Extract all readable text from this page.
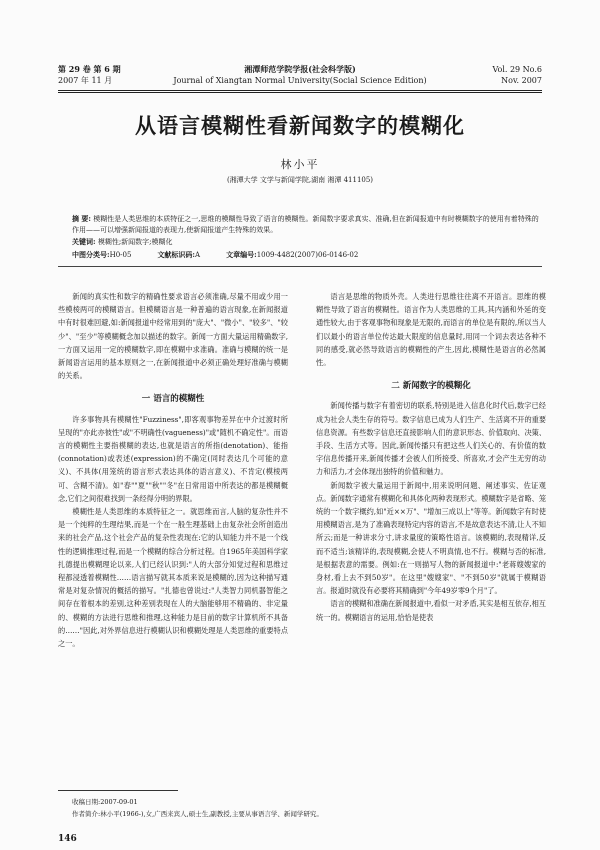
第 29 卷 第 6 期
2007 年 11 月
湘潭师范学院学报(社会科学版)
Journal of Xiangtan Normal University(Social Science Edition)
Vol. 29 No.6
Nov. 2007
从语言模糊性看新闻数字的模糊化
林小平
(湘潭大学 文学与新闻学院,湖南 湘潭 411105)
摘 要: 模糊性是人类思维的本质特征之一,思维的模糊性导致了语言的模糊性。新闻数字要求真实、准确,但在新闻报道中有时模糊数字的使用有着特殊的作用——可以增强新闻报道的表现力,使新闻报道产生特殊的效果。
关键词: 模糊性;新闻数字;模糊化
中图分类号:H0-05	文献标识码:A	文章编号:1009-4482(2007)06-0146-02

新闻的真实性和数字的精确性要求语言必须准确,尽量不用或少用一些模棱两可的模糊语言。但模糊语言是一种普遍的语言现象,在新闻报道中有时很难回避,如:新闻报道中经常用到的"庞大"、"微小"、"较多"、"较少"、"至少"等模糊概念加以描述的数字。新闻一方面大量运用精确数字,一方面又运用一定的模糊数字,即在模糊中求准确。准确与模糊的统一是新闻语言运用的基本原则之一,在新闻报道中必须正确处理好准确与模糊的关系。

一 语言的模糊性

许多事物具有模糊性"Fuzziness",即客观事物差异在中介过渡时所呈现的"亦此亦彼性"或"不明确性(vagueness)"或"随机不确定性"。而语言的模糊性主要指模糊的表达,也就是语言的所指(denotation)、能指(connotation)或表述(expression)的不确定(同时表达几个可能的意义)、不具体(用笼统的语言形式表达具体的语言意义)、不肯定(模棱两可、含糊不清)。如"春""夏""秋""冬"在日常用语中所表达的都是模糊概念,它们之间很难找到一条经得分明的界限。

模糊性是人类思维的本质特征之一。就思维而言,人脑的复杂性并不是一个纯粹的生理结果,而是一个在一般生理基础上由复杂社会所创造出来的社会产品,这个社会产品的复杂性表现在:它的认知能力并不是一个线性的逻辑推理过程,而是一个模糊的综合分析过程。自1965年美国科学家扎德提出模糊理论以来,人们已经认识到:"人的大部分知觉过程和思维过程都浸透着模糊性……语言描写就其本质来说是模糊的,因为这种描写通常是对复杂情况的概括的描写。"扎德也曾说过:"人类智力同机器智能之间存在着根本的差别,这种差别表现在人的大脑能够用不精确的、非定量的、模糊的方法进行思维和推理,这种能力是目前的数字计算机所不具备的……"因此,对外界信息进行模糊认识和模糊处理是人类思维的重要特点之一。

语言是思维的物质外壳。人类进行思维往往离不开语言。思维的模糊性导致了语言的模糊性。语言作为人类思维的工具,其内涵和外延的变通性较大,由于客观事物和现象是无限的,而语言的单位是有限的,所以当人们以最小的语言单位传达最大限度的信息量时,用同一个词去表达各种不同的感受,就必然导致语言的模糊性的产生,因此,模糊性是语言的必然属性。

二 新闻数字的模糊化

新闻传播与数字有着密切的联系,特别是进入信息化时代后,数字已经成为社会人类生存的符号。数字信息已成为人们生产、生活离不开的重要信息资源。有些数字信息还直接影响人们的意识形态、价值取向、决策、手段、生活方式等。因此,新闻传播只有把这些人们关心的、有价值的数字信息传播开来,新闻传播才会被人们所接受、所喜欢,才会产生无穷的动力和活力,才会体现出独特的价值和魅力。

新闻数字被大量运用于新闻中,用来说明问题、阐述事实、佐证观点。新闻数字通常有模糊化和具体化两种表现形式。模糊数字是省略、笼统的一个数字概约,如"近××万"、"增加三成以上"等等。新闻数字有时使用模糊语言,是为了准确表现特定内容的语言,不是故意表达不清,让人不知所云;而是一种讲求分寸,讲求量度的策略性语言。该模糊的,表现精详,反而不适当;该精详的,表现模糊,会使人不明真情,也不行。模糊与否的标准,是根据表意的需要。例如:在一则描写人物的新闻报道中:"老蒋嫂嫂家的身材,看上去不到50岁"。在这里"嫂嫂家"、"不到50岁"就属于模糊语言。报道时就没有必要将其精确到"今年49岁零9个月"了。

语言的模糊和准确在新闻报道中,看似一对矛盾,其实是相互依存,相互统一的。模糊语言的运用,恰恰是使表

收稿日期:2007-09-01
作者简介:林小平(1966-),女,广西来宾人,硕士生,副教授,主要从事语言学、新闻学研究。
146
